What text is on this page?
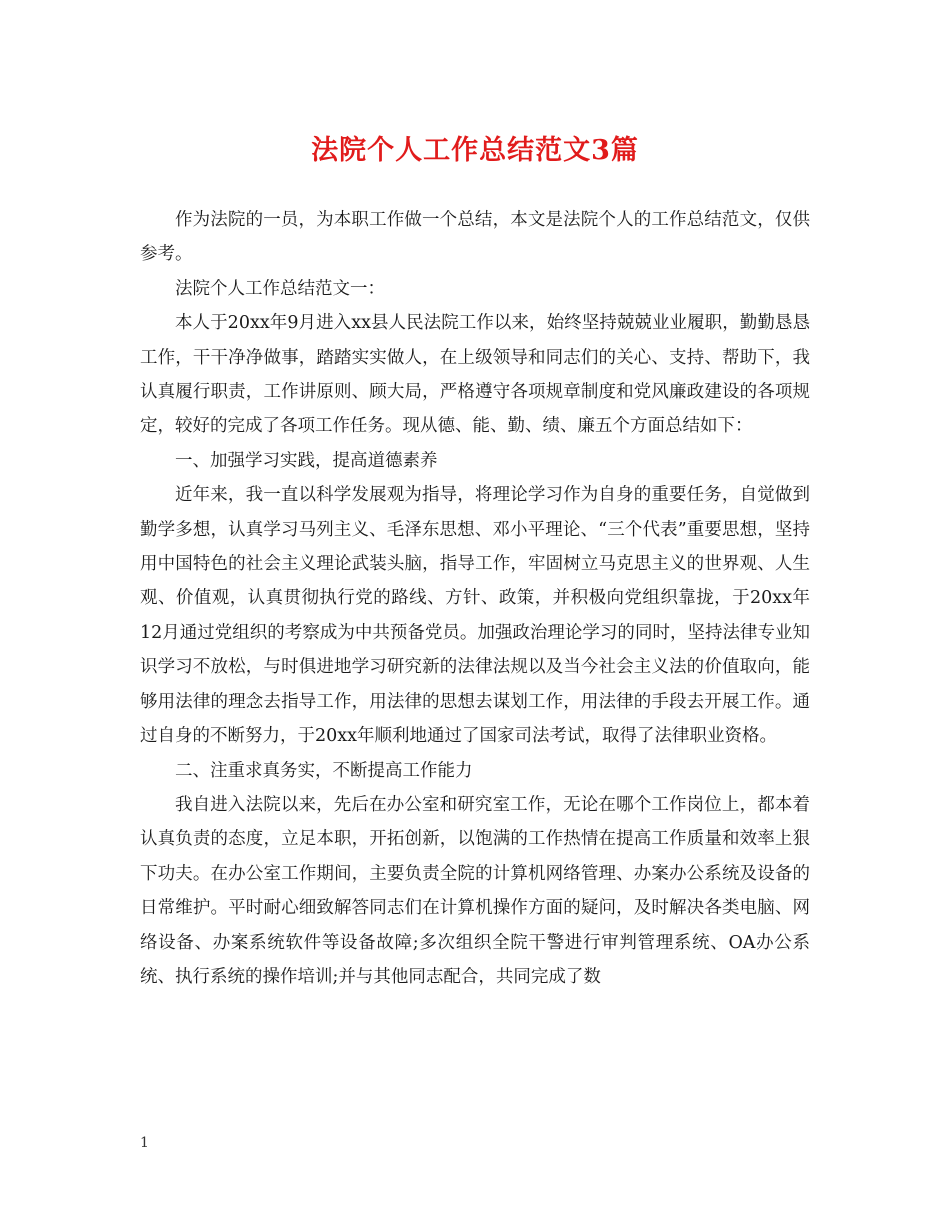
法院个人工作总结范文3篇

作为法院的一员，为本职工作做一个总结，本文是法院个人的工作总结范文，仅供参考。

法院个人工作总结范文一：

本人于20xx年9月进入xx县人民法院工作以来，始终坚持兢兢业业履职，勤勤恳恳工作，干干净净做事，踏踏实实做人，在上级领导和同志们的关心、支持、帮助下，我认真履行职责，工作讲原则、顾大局，严格遵守各项规章制度和党风廉政建设的各项规定，较好的完成了各项工作任务。现从德、能、勤、绩、廉五个方面总结如下：

一、加强学习实践，提高道德素养

近年来，我一直以科学发展观为指导，将理论学习作为自身的重要任务，自觉做到勤学多想，认真学习马列主义、毛泽东思想、邓小平理论、“三个代表”重要思想，坚持用中国特色的社会主义理论武装头脑，指导工作，牢固树立马克思主义的世界观、人生观、价值观，认真贯彻执行党的路线、方针、政策，并积极向党组织靠拢，于20xx年12月通过党组织的考察成为中共预备党员。加强政治理论学习的同时，坚持法律专业知识学习不放松，与时俱进地学习研究新的法律法规以及当今社会主义法的价值取向，能够用法律的理念去指导工作，用法律的思想去谋划工作，用法律的手段去开展工作。通过自身的不断努力，于20xx年顺利地通过了国家司法考试，取得了法律职业资格。

二、注重求真务实，不断提高工作能力

我自进入法院以来，先后在办公室和研究室工作，无论在哪个工作岗位上，都本着认真负责的态度，立足本职，开拓创新，以饱满的工作热情在提高工作质量和效率上狠下功夫。在办公室工作期间，主要负责全院的计算机网络管理、办案办公系统及设备的日常维护。平时耐心细致解答同志们在计算机操作方面的疑问，及时解决各类电脑、网络设备、办案系统软件等设备故障;多次组织全院干警进行审判管理系统、OA办公系统、执行系统的操作培训;并与其他同志配合，共同完成了数

1
